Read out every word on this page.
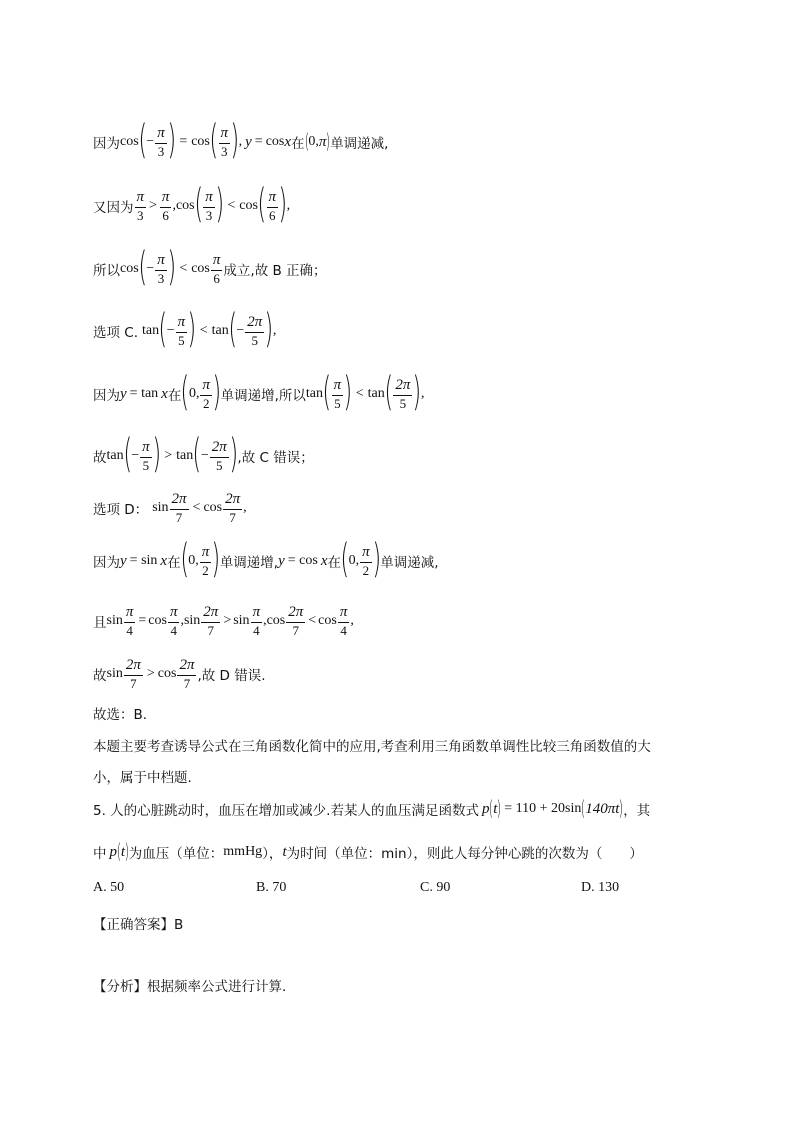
因为 cos ( − $\frac{\pi}{3}$ ) = cos ( $\frac{\pi}{3}$ ) , y = cos x 在 ( 0, π ) 单调递减,
又因为 $\frac{\pi}{3} > \frac{\pi}{6}$ , cos ( $\frac{\pi}{3}$ ) < cos ( $\frac{\pi}{6}$ ) ,
所以 cos ( − $\frac{\pi}{3}$ ) < $\cos \frac{\pi}{6}$ 成立,故 B 正确；
选项 C. tan ( − $\frac{\pi}{5}$ ) < tan ( − $\frac{2\pi}{5}$ ) ,
因为 y = tan x 在 ( 0, $\frac{\pi}{2}$ ) 单调递增,所以 tan ( $\frac{\pi}{5}$ ) < tan ( $\frac{2\pi}{5}$ ) ,
故 tan ( − $\frac{\pi}{5}$ ) > tan ( − $\frac{2\pi}{5}$ ) ,故 C 错误；
选项 D： $\sin \frac{2\pi}{7} < \cos \frac{2\pi}{7}$ ,
因为 y = sin x 在 ( 0, $\frac{\pi}{2}$ ) 单调递增, y = cos x 在 ( 0, $\frac{\pi}{2}$ ) 单调递减,
且 $\sin \frac{\pi}{4} = \cos \frac{\pi}{4}$ , $\sin \frac{2\pi}{7} > \sin \frac{\pi}{4}$ , $\cos \frac{2\pi}{7} < \cos \frac{\pi}{4}$ ,
故 $\sin \frac{2\pi}{7} > \cos \frac{2\pi}{7}$ ,故 D 错误.
故选：B.
本题主要考查诱导公式在三角函数化简中的应用,考查利用三角函数单调性比较三角函数值的大
小，属于中档题.
5. 人的心脏跳动时，血压在增加或减少.若某人的血压满足函数式 p ( t ) = 110 + 20sin ( 140π t ) ，其
中 p ( t ) 为血压（单位： mmHg ）， t 为时间（单位：min），则此人每分钟心跳的次数为（　　）
A. 50	B. 70	C. 90	D. 130
【正确答案】B
【分析】根据频率公式进行计算.
